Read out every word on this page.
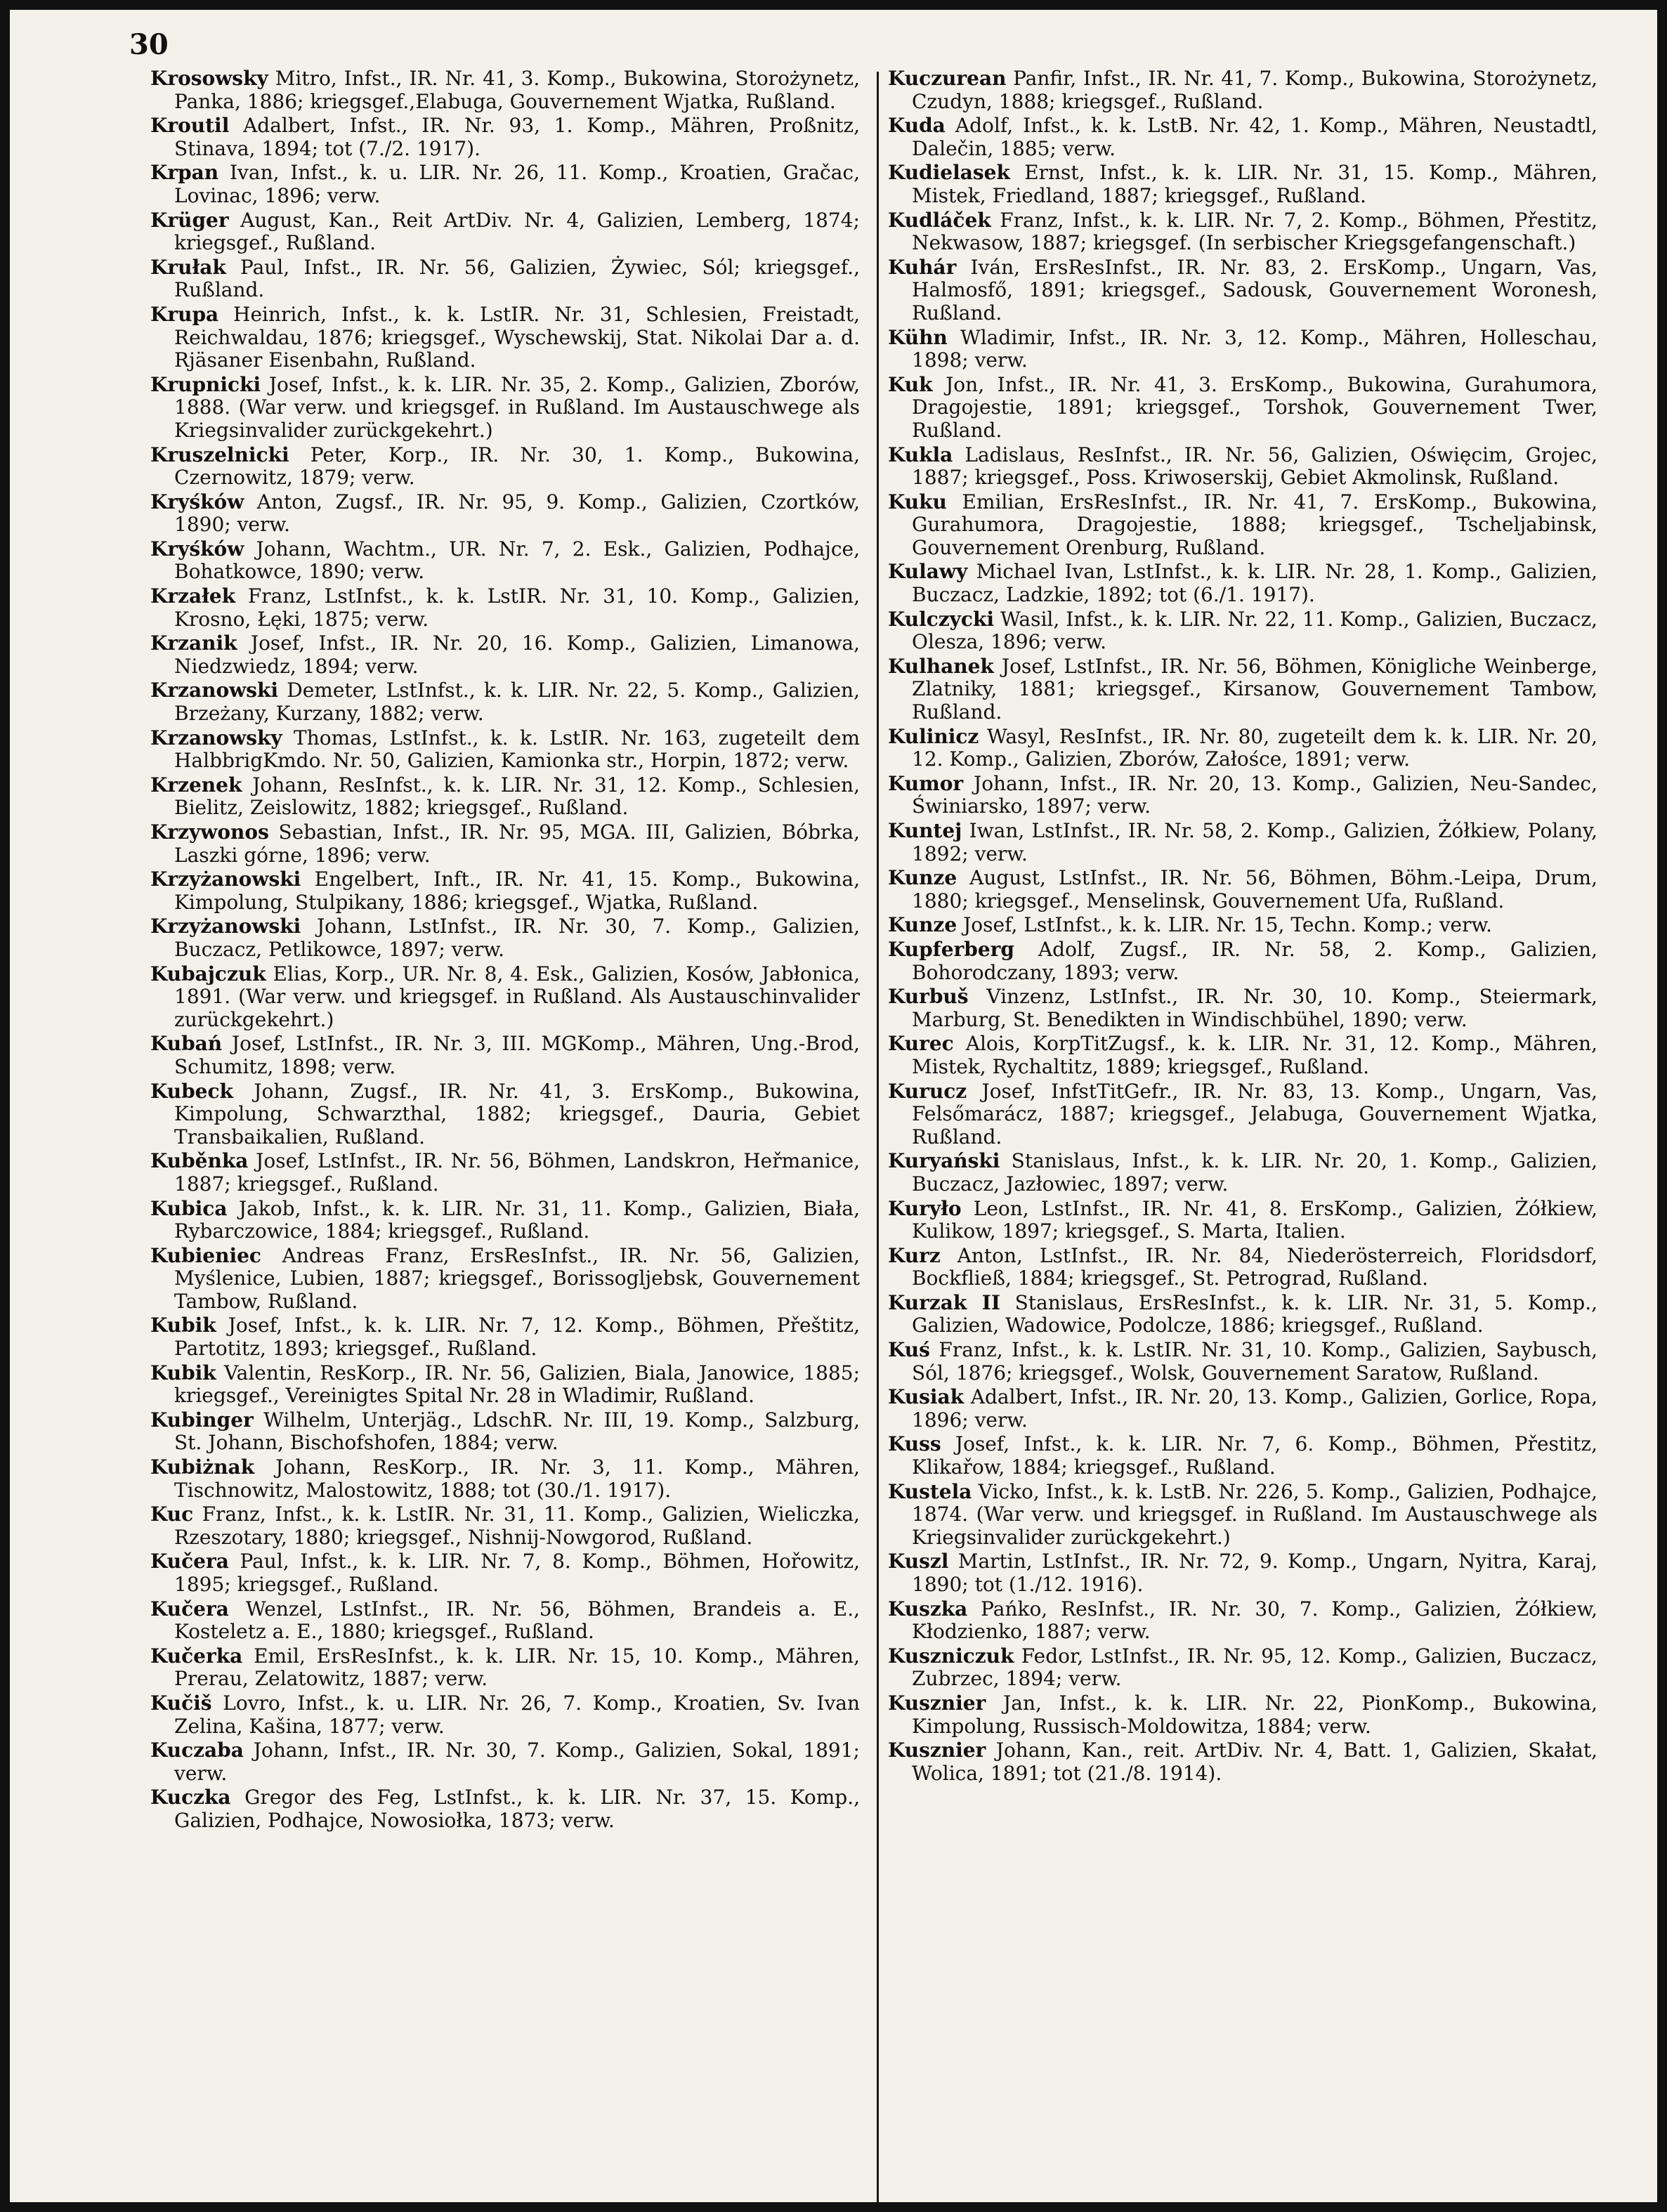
30

Krosowsky Mitro, Infst., IR. Nr. 41, 3. Komp., Bukowina, Storożynetz, Panka, 1886; kriegsgef.,Elabuga, Gouvernement Wjatka, Rußland.

Kroutil Adalbert, Infst., IR. Nr. 93, 1. Komp., Mähren, Proßnitz, Stinava, 1894; tot (7./2. 1917).

Krpan Ivan, Infst., k. u. LIR. Nr. 26, 11. Komp., Kroatien, Gračac, Lovinac, 1896; verw.

Krüger August, Kan., Reit ArtDiv. Nr. 4, Galizien, Lemberg, 1874; kriegsgef., Rußland.

Krułak Paul, Infst., IR. Nr. 56, Galizien, Żywiec, Sól; kriegsgef., Rußland.

Krupa Heinrich, Infst., k. k. LstIR. Nr. 31, Schlesien, Freistadt, Reichwaldau, 1876; kriegsgef., Wyschewskij, Stat. Nikolai Dar a. d. Rjäsaner Eisenbahn, Rußland.

Krupnicki Josef, Infst., k. k. LIR. Nr. 35, 2. Komp., Galizien, Zborów, 1888. (War verw. und kriegsgef. in Rußland. Im Austauschwege als Kriegsinvalider zurückgekehrt.)

Kruszelnicki Peter, Korp., IR. Nr. 30, 1. Komp., Bukowina, Czernowitz, 1879; verw.

Kryśków Anton, Zugsf., IR. Nr. 95, 9. Komp., Galizien, Czortków, 1890; verw.

Kryśków Johann, Wachtm., UR. Nr. 7, 2. Esk., Galizien, Podhajce, Bohatkowce, 1890; verw.

Krzałek Franz, LstInfst., k. k. LstIR. Nr. 31, 10. Komp., Galizien, Krosno, Łęki, 1875; verw.

Krzanik Josef, Infst., IR. Nr. 20, 16. Komp., Galizien, Limanowa, Niedzwiedz, 1894; verw.

Krzanowski Demeter, LstInfst., k. k. LIR. Nr. 22, 5. Komp., Galizien, Brzeżany, Kurzany, 1882; verw.

Krzanowsky Thomas, LstInfst., k. k. LstIR. Nr. 163, zugeteilt dem HalbbrigKmdo. Nr. 50, Galizien, Kamionka str., Horpin, 1872; verw.

Krzenek Johann, ResInfst., k. k. LIR. Nr. 31, 12. Komp., Schlesien, Bielitz, Zeislowitz, 1882; kriegsgef., Rußland.

Krzywonos Sebastian, Infst., IR. Nr. 95, MGA. III, Galizien, Bóbrka, Laszki górne, 1896; verw.

Krzyżanowski Engelbert, Inft., IR. Nr. 41, 15. Komp., Bukowina, Kimpolung, Stulpikany, 1886; kriegsgef., Wjatka, Rußland.

Krzyżanowski Johann, LstInfst., IR. Nr. 30, 7. Komp., Galizien, Buczacz, Petlikowce, 1897; verw.

Kubajczuk Elias, Korp., UR. Nr. 8, 4. Esk., Galizien, Kosów, Jabłonica, 1891. (War verw. und kriegsgef. in Rußland. Als Austauschinvalider zurückgekehrt.)

Kubań Josef, LstInfst., IR. Nr. 3, III. MGKomp., Mähren, Ung.-Brod, Schumitz, 1898; verw.

Kubeck Johann, Zugsf., IR. Nr. 41, 3. ErsKomp., Bukowina, Kimpolung, Schwarzthal, 1882; kriegsgef., Dauria, Gebiet Transbaikalien, Rußland.

Kuběnka Josef, LstInfst., IR. Nr. 56, Böhmen, Landskron, Heřmanice, 1887; kriegsgef., Rußland.

Kubica Jakob, Infst., k. k. LIR. Nr. 31, 11. Komp., Galizien, Biała, Rybarczowice, 1884; kriegsgef., Rußland.

Kubieniec Andreas Franz, ErsResInfst., IR. Nr. 56, Galizien, Myślenice, Lubien, 1887; kriegsgef., Borissogljebsk, Gouvernement Tambow, Rußland.

Kubik Josef, Infst., k. k. LIR. Nr. 7, 12. Komp., Böhmen, Přeštitz, Partotitz, 1893; kriegsgef., Rußland.

Kubik Valentin, ResKorp., IR. Nr. 56, Galizien, Biala, Janowice, 1885; kriegsgef., Vereinigtes Spital Nr. 28 in Wladimir, Rußland.

Kubinger Wilhelm, Unterjäg., LdschR. Nr. III, 19. Komp., Salzburg, St. Johann, Bischofshofen, 1884; verw.

Kubiżnak Johann, ResKorp., IR. Nr. 3, 11. Komp., Mähren, Tischnowitz, Malostowitz, 1888; tot (30./1. 1917).

Kuc Franz, Infst., k. k. LstIR. Nr. 31, 11. Komp., Galizien, Wieliczka, Rzeszotary, 1880; kriegsgef., Nishnij-Nowgorod, Rußland.

Kučera Paul, Infst., k. k. LIR. Nr. 7, 8. Komp., Böhmen, Hořowitz, 1895; kriegsgef., Rußland.

Kučera Wenzel, LstInfst., IR. Nr. 56, Böhmen, Brandeis a. E., Kosteletz a. E., 1880; kriegsgef., Rußland.

Kučerka Emil, ErsResInfst., k. k. LIR. Nr. 15, 10. Komp., Mähren, Prerau, Zelatowitz, 1887; verw.

Kučiš Lovro, Infst., k. u. LIR. Nr. 26, 7. Komp., Kroatien, Sv. Ivan Zelina, Kašina, 1877; verw.

Kuczaba Johann, Infst., IR. Nr. 30, 7. Komp., Galizien, Sokal, 1891; verw.

Kuczka Gregor des Feg, LstInfst., k. k. LIR. Nr. 37, 15. Komp., Galizien, Podhajce, Nowosiołka, 1873; verw.

Kuczurean Panfir, Infst., IR. Nr. 41, 7. Komp., Bukowina, Storożynetz, Czudyn, 1888; kriegsgef., Rußland.

Kuda Adolf, Infst., k. k. LstB. Nr. 42, 1. Komp., Mähren, Neustadtl, Dalečin, 1885; verw.

Kudielasek Ernst, Infst., k. k. LIR. Nr. 31, 15. Komp., Mähren, Mistek, Friedland, 1887; kriegsgef., Rußland.

Kudláček Franz, Infst., k. k. LIR. Nr. 7, 2. Komp., Böhmen, Přestitz, Nekwasow, 1887; kriegsgef. (In serbischer Kriegsgefangenschaft.)

Kuhár Iván, ErsResInfst., IR. Nr. 83, 2. ErsKomp., Ungarn, Vas, Halmosfő, 1891; kriegsgef., Sadousk, Gouvernement Woronesh, Rußland.

Kühn Wladimir, Infst., IR. Nr. 3, 12. Komp., Mähren, Holleschau, 1898; verw.

Kuk Jon, Infst., IR. Nr. 41, 3. ErsKomp., Bukowina, Gurahumora, Dragojestie, 1891; kriegsgef., Torshok, Gouvernement Twer, Rußland.

Kukla Ladislaus, ResInfst., IR. Nr. 56, Galizien, Oświęcim, Grojec, 1887; kriegsgef., Poss. Kriwoserskij, Gebiet Akmolinsk, Rußland.

Kuku Emilian, ErsResInfst., IR. Nr. 41, 7. ErsKomp., Bukowina, Gurahumora, Dragojestie, 1888; kriegsgef., Tscheljabinsk, Gouvernement Orenburg, Rußland.

Kulawy Michael Ivan, LstInfst., k. k. LIR. Nr. 28, 1. Komp., Galizien, Buczacz, Ladzkie, 1892; tot (6./1. 1917).

Kulczycki Wasil, Infst., k. k. LIR. Nr. 22, 11. Komp., Galizien, Buczacz, Olesza, 1896; verw.

Kulhanek Josef, LstInfst., IR. Nr. 56, Böhmen, Königliche Weinberge, Zlatniky, 1881; kriegsgef., Kirsanow, Gouvernement Tambow, Rußland.

Kulinicz Wasyl, ResInfst., IR. Nr. 80, zugeteilt dem k. k. LIR. Nr. 20, 12. Komp., Galizien, Zborów, Załośce, 1891; verw.

Kumor Johann, Infst., IR. Nr. 20, 13. Komp., Galizien, Neu-Sandec, Świniarsko, 1897; verw.

Kuntej Iwan, LstInfst., IR. Nr. 58, 2. Komp., Galizien, Żółkiew, Polany, 1892; verw.

Kunze August, LstInfst., IR. Nr. 56, Böhmen, Böhm.-Leipa, Drum, 1880; kriegsgef., Menselinsk, Gouvernement Ufa, Rußland.

Kunze Josef, LstInfst., k. k. LIR. Nr. 15, Techn. Komp.; verw.

Kupferberg Adolf, Zugsf., IR. Nr. 58, 2. Komp., Galizien, Bohorodczany, 1893; verw.

Kurbuš Vinzenz, LstInfst., IR. Nr. 30, 10. Komp., Steiermark, Marburg, St. Benedikten in Windischbühel, 1890; verw.

Kurec Alois, KorpTitZugsf., k. k. LIR. Nr. 31, 12. Komp., Mähren, Mistek, Rychaltitz, 1889; kriegsgef., Rußland.

Kurucz Josef, InfstTitGefr., IR. Nr. 83, 13. Komp., Ungarn, Vas, Felsőmarácz, 1887; kriegsgef., Jelabuga, Gouvernement Wjatka, Rußland.

Kuryański Stanislaus, Infst., k. k. LIR. Nr. 20, 1. Komp., Galizien, Buczacz, Jazłowiec, 1897; verw.

Kuryło Leon, LstInfst., IR. Nr. 41, 8. ErsKomp., Galizien, Żółkiew, Kulikow, 1897; kriegsgef., S. Marta, Italien.

Kurz Anton, LstInfst., IR. Nr. 84, Niederösterreich, Floridsdorf, Bockfließ, 1884; kriegsgef., St. Petrograd, Rußland.

Kurzak II Stanislaus, ErsResInfst., k. k. LIR. Nr. 31, 5. Komp., Galizien, Wadowice, Podolcze, 1886; kriegsgef., Rußland.

Kuś Franz, Infst., k. k. LstIR. Nr. 31, 10. Komp., Galizien, Saybusch, Sól, 1876; kriegsgef., Wolsk, Gouvernement Saratow, Rußland.

Kusiak Adalbert, Infst., IR. Nr. 20, 13. Komp., Galizien, Gorlice, Ropa, 1896; verw.

Kuss Josef, Infst., k. k. LIR. Nr. 7, 6. Komp., Böhmen, Přestitz, Klikařow, 1884; kriegsgef., Rußland.

Kustela Vicko, Infst., k. k. LstB. Nr. 226, 5. Komp., Galizien, Podhajce, 1874. (War verw. und kriegsgef. in Rußland. Im Austauschwege als Kriegsinvalider zurückgekehrt.)

Kuszl Martin, LstInfst., IR. Nr. 72, 9. Komp., Ungarn, Nyitra, Karaj, 1890; tot (1./12. 1916).

Kuszka Pańko, ResInfst., IR. Nr. 30, 7. Komp., Galizien, Żółkiew, Kłodzienko, 1887; verw.

Kuszniczuk Fedor, LstInfst., IR. Nr. 95, 12. Komp., Galizien, Buczacz, Zubrzec, 1894; verw.

Kusznier Jan, Infst., k. k. LIR. Nr. 22, PionKomp., Bukowina, Kimpolung, Russisch-Moldowitza, 1884; verw.

Kusznier Johann, Kan., reit. ArtDiv. Nr. 4, Batt. 1, Galizien, Skałat, Wolica, 1891; tot (21./8. 1914).
